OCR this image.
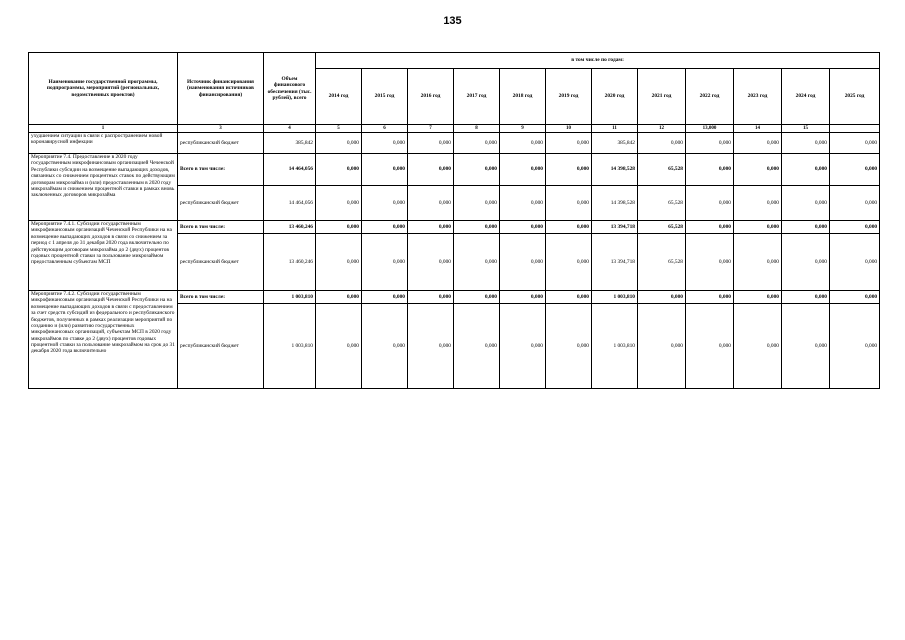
135
Наименование государственной программы, подпрограммы, мероприятий (региональных, ведомственных проектов)	Источник финансирования (наименования источников финансирования)	Объем финансового обеспечения (тыс. рублей), всего	в том числе по годам:											
			2014 год	2015 год	2016 год	2017 год	2018 год	2019 год	2020 год	2021 год	2022 год	2023 год	2024 год	2025 год
1	3	4	5	6	7	8	9	10	11	12	13,000	14	15	
ухудшением ситуации в связи с распространением новой коронавирусной инфекции	республиканский бюджет	385,842	0,000	0,000	0,000	0,000	0,000	0,000	385,842	0,000	0,000	0,000	0,000	0,000
Мероприятие 7.4. Предоставление в 2020 году государственным микрофинансовым организацией Чеченской Республики субсидии на возмещение выпадающих доходов, связанных со снижением процентных ставок по действующим договорам микрозайма и (или) предоставленным в 2020 году микрозаймам и снижением процентной ставки в рамках вновь заключенных договоров микрозайма	Всего в том числе:	14 464,056	0,000	0,000	0,000	0,000	0,000	0,000	14 398,528	65,528	0,000	0,000	0,000	0,000
	республиканский бюджет	14 464,056	0,000	0,000	0,000	0,000	0,000	0,000	14 398,528	65,528	0,000	0,000	0,000	0,000
Мероприятие 7.4.1. Субсидии государственным микрофинансовым организаций Чеченской Республики на на возмещение выпадающих доходов в связи со снижением за период с 1 апреля до 31 декабря 2020 года включительно по действующим договорам микрозайма до 2 (двух) процентов годовых процентной ставки за пользование микрозаймом предоставленным субъектам МСП	Всего в том числе:	13 460,246	0,000	0,000	0,000	0,000	0,000	0,000	13 394,718	65,528	0,000	0,000	0,000	0,000
	республиканский бюджет	13 460,246	0,000	0,000	0,000	0,000	0,000	0,000	13 394,718	65,528	0,000	0,000	0,000	0,000
Мероприятие 7.4.2. Субсидии государственным микрофинансовым организаций Чеченской Республики на на возмещение выпадающих доходов в связи с предоставлением за счет средств субсидий из федерального и республиканского бюджетов, полученных в рамках реализации мероприятий по созданию и (или) развитию государственных микрофинансовых организаций, субъектам МСП в 2020 году микрозаймов по ставке до 2 (двух) процентов годовых процентной ставки за пользование микрозаймом на срок до 31 декабря 2020 года включительно	Всего в том числе:	1 003,810	0,000	0,000	0,000	0,000	0,000	0,000	1 003,810	0,000	0,000	0,000	0,000	0,000
	республиканский бюджет	1 003,810	0,000	0,000	0,000	0,000	0,000	0,000	1 003,810	0,000	0,000	0,000	0,000	0,000
